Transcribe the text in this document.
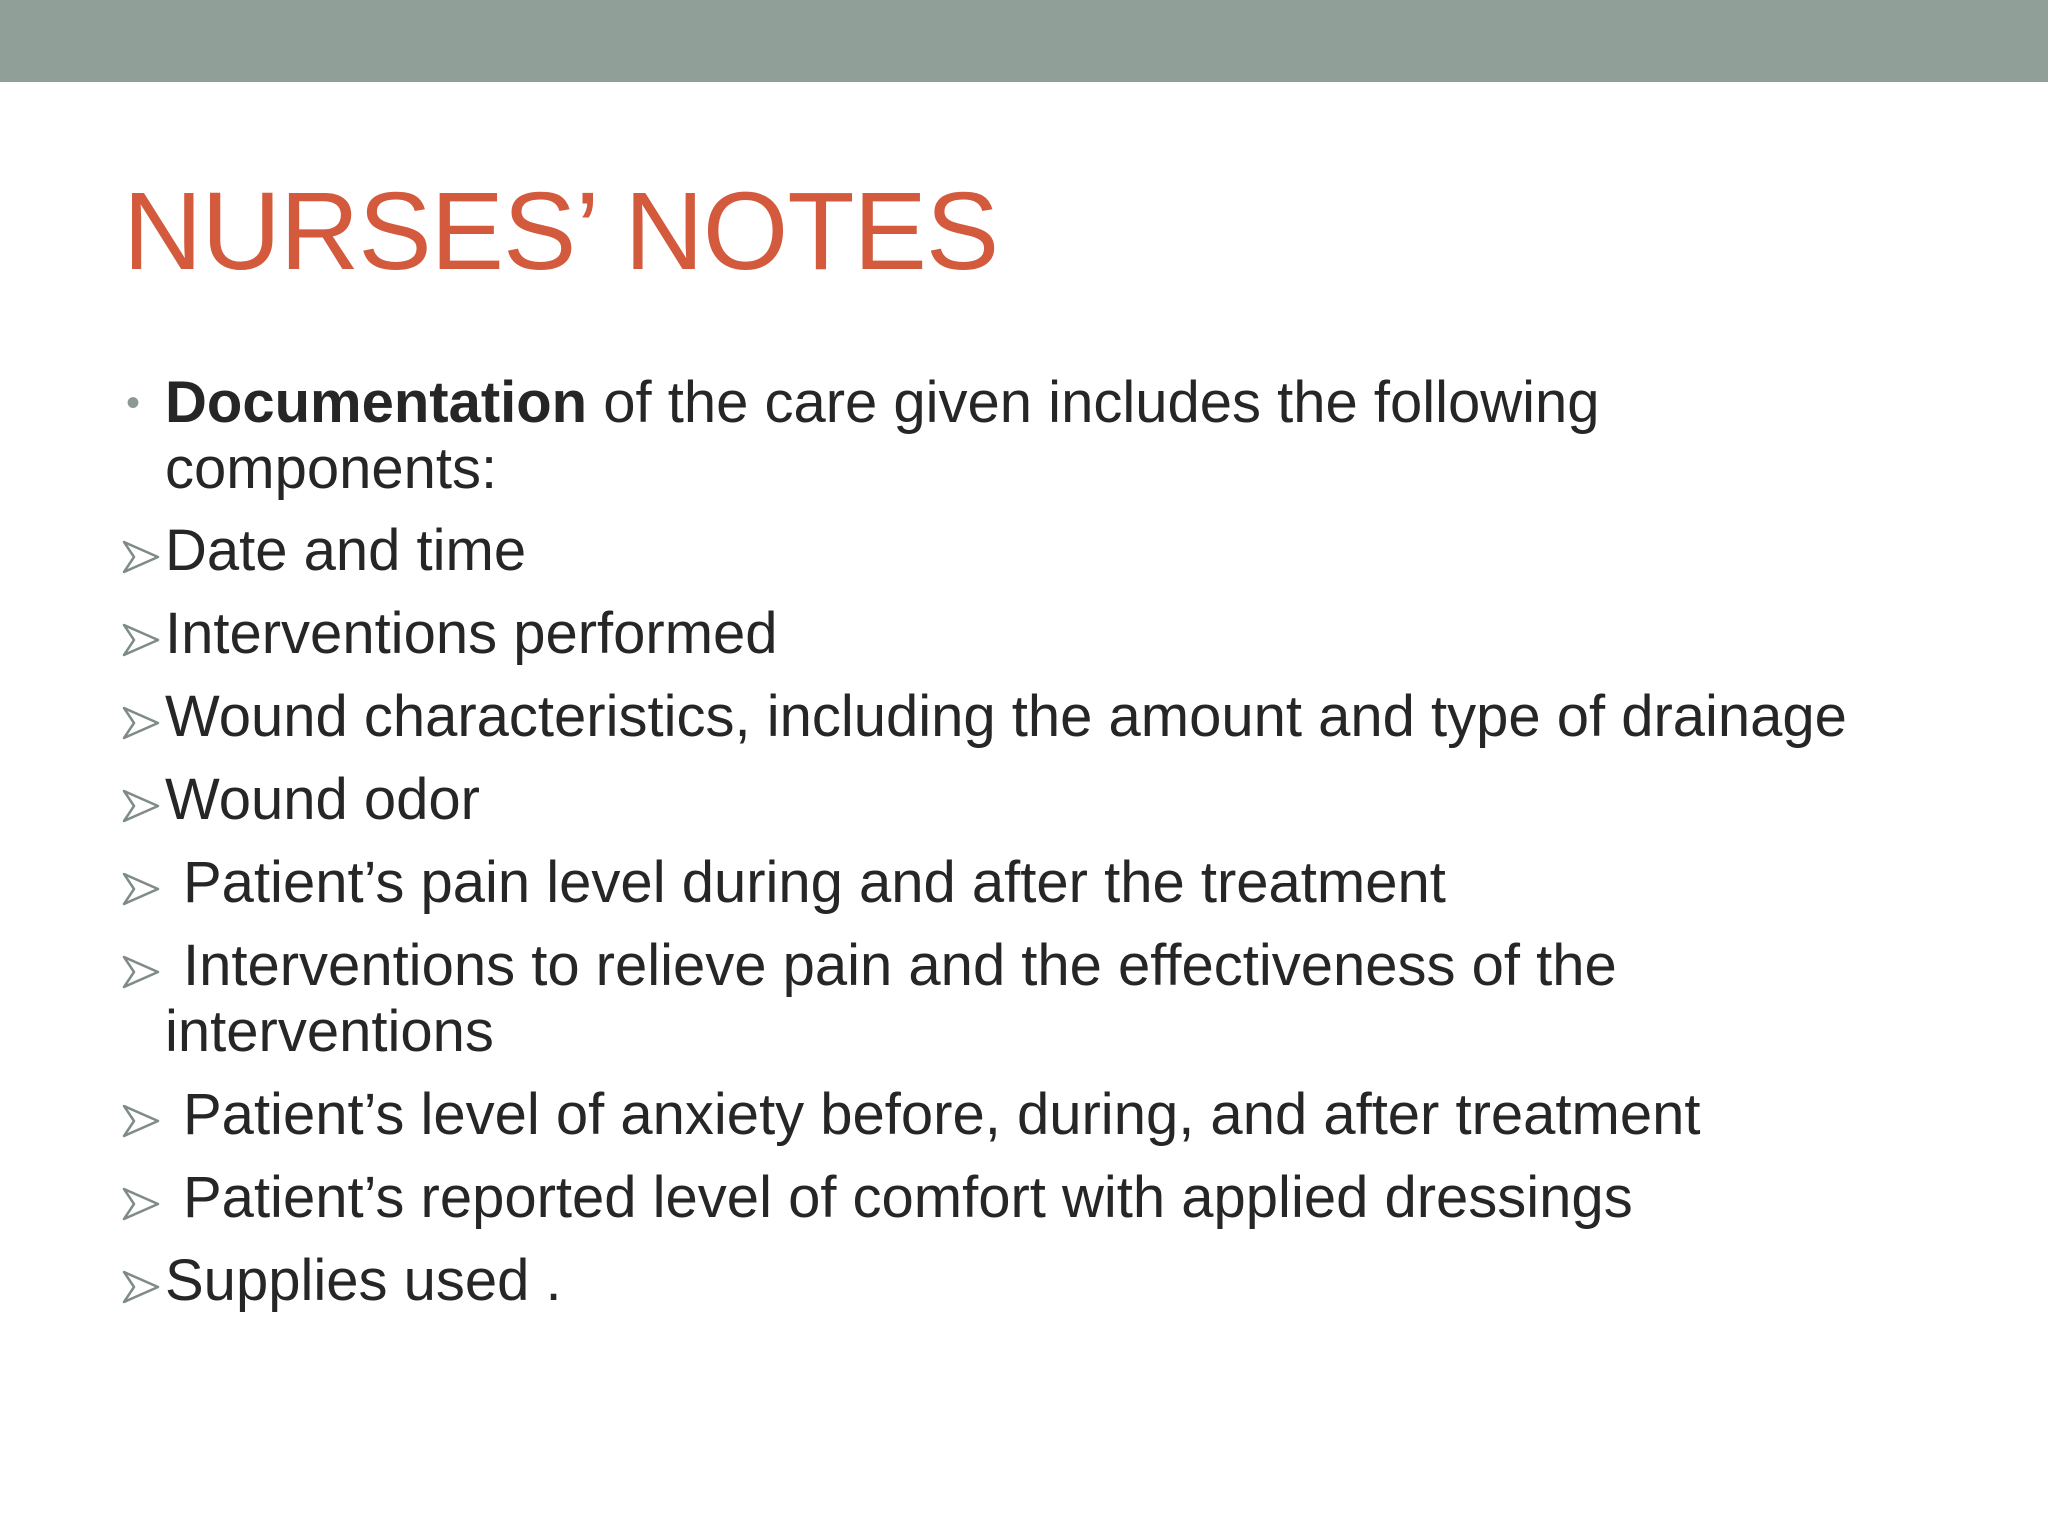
NURSES’ NOTES
• Documentation of the care given includes the following components:
Date and time
Interventions performed
Wound characteristics, including the amount and type of drainage
Wound odor
Patient’s pain level during and after the treatment
Interventions to relieve pain and the effectiveness of the interventions
Patient’s level of anxiety before, during, and after treatment
Patient’s reported level of comfort with applied dressings
Supplies used .
